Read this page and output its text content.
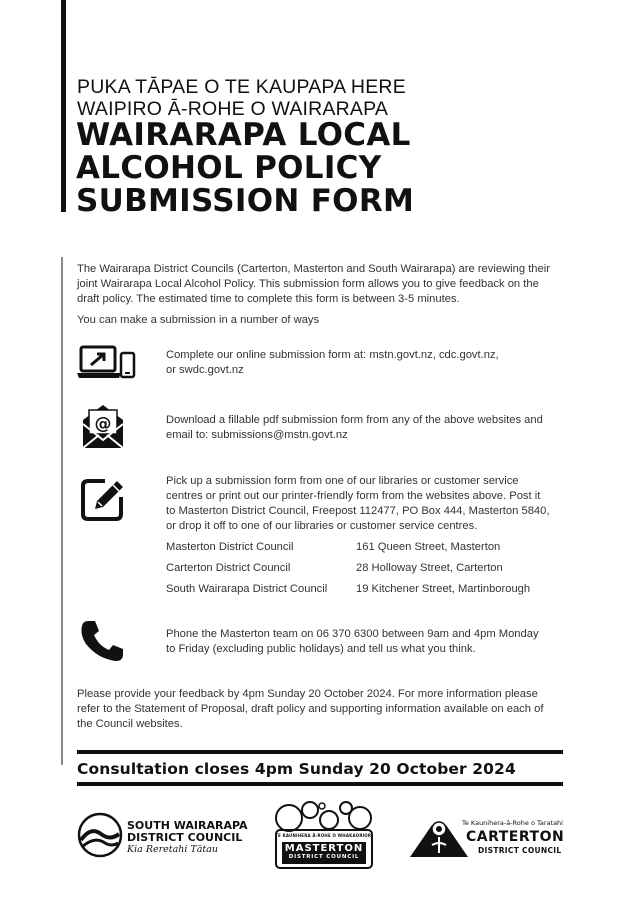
PUKA TĀPAE O TE KAUPAPA HERE
WAIPIRO Ā-ROHE O WAIRARAPA
WAIRARAPA LOCAL
ALCOHOL POLICY
SUBMISSION FORM
The Wairarapa District Councils (Carterton, Masterton and South Wairarapa) are reviewing their
joint Wairarapa Local Alcohol Policy. This submission form allows you to give feedback on the
draft policy. The estimated time to complete this form is between 3-5 minutes.
You can make a submission in a number of ways
Complete our online submission form at: mstn.govt.nz, cdc.govt.nz,
or swdc.govt.nz
@	Download a fillable pdf submission form from any of the above websites and
email to: submissions@mstn.govt.nz
Pick up a submission form from one of our libraries or customer service
centres or print out our printer-friendly form from the websites above. Post it
to Masterton District Council, Freepost 112477, PO Box 444, Masterton 5840,
or drop it off to one of our libraries or customer service centres.
Masterton District Council	161 Queen Street, Masterton
Carterton District Council	28 Holloway Street, Carterton
South Wairarapa District Council	19 Kitchener Street, Martinborough
Phone the Masterton team on 06 370 6300 between 9am and 4pm Monday
to Friday (excluding public holidays) and tell us what you think.
Please provide your feedback by 4pm Sunday 20 October 2024. For more information please
refer to the Statement of Proposal, draft policy and supporting information available on each of
the Council websites.
Consultation closes 4pm Sunday 20 October 2024
SOUTH WAIRARAPA
DISTRICT COUNCIL
Kia Reretahi Tātau
TE KAUNIHERA Ā-ROHE O WHAKAORIORI
MASTERTON
DISTRICT COUNCIL
Te Kaunihera-ā-Rohe o Taratahi
CARTERTON
DISTRICT COUNCIL
